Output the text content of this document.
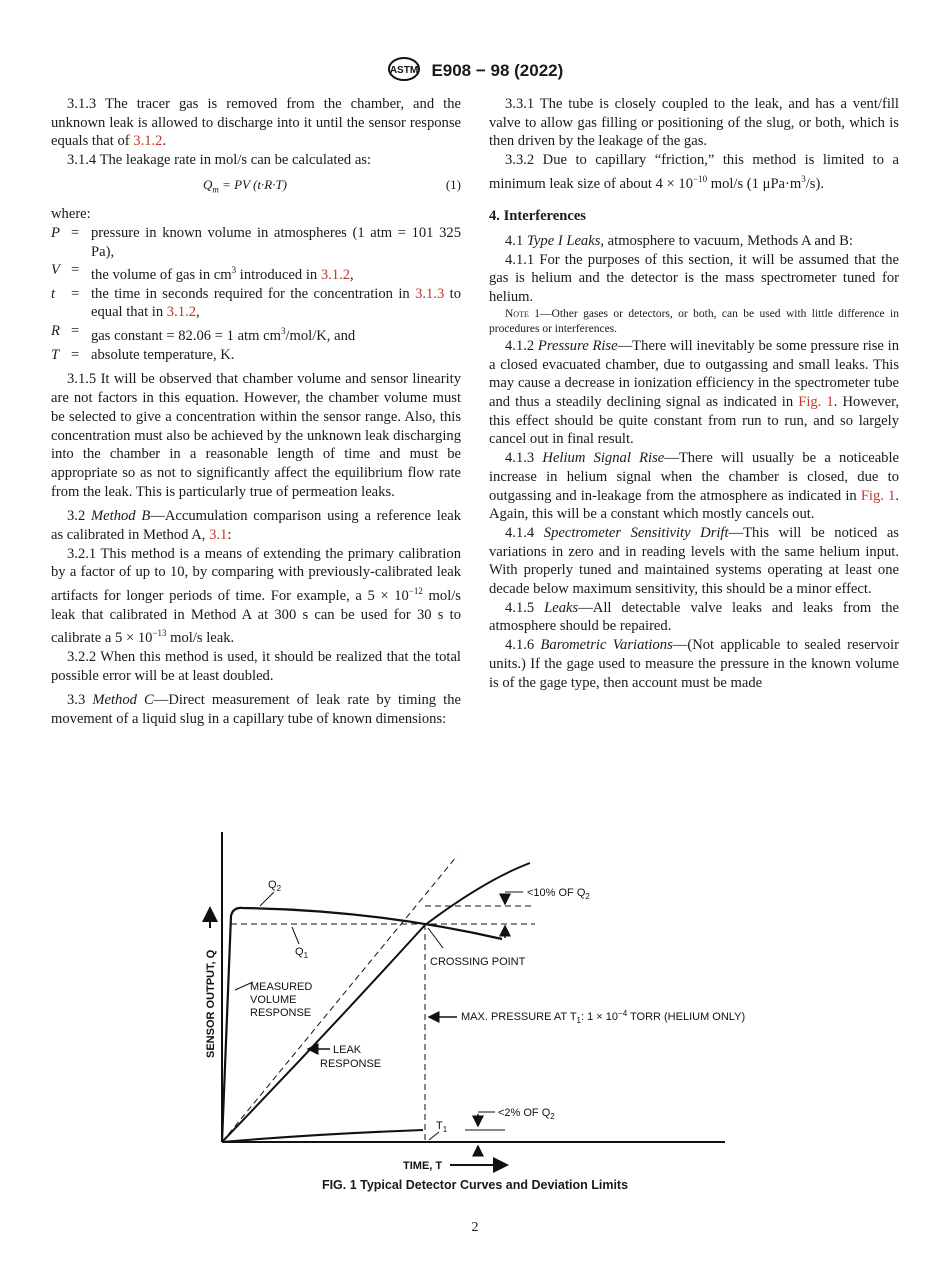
ASTM E908 − 98 (2022)

3.1.3 The tracer gas is removed from the chamber, and the unknown leak is allowed to discharge into it until the sensor response equals that of 3.1.2.

3.1.4 The leakage rate in mol/s can be calculated as:

$Q_m$ = PV (t·R·T)	(1)

where:

P = pressure in known volume in atmospheres (1 atm = 101 325 Pa),
V = the volume of gas in $cm^3$ introduced in 3.1.2,
t	= the time in seconds required for the concentration in 3.1.3 to equal that in 3.1.2,
R = gas constant = 82.06 = 1 atm $cm^3/mol/K$, and
T = absolute temperature, K.

3.1.5 It will be observed that chamber volume and sensor linearity are not factors in this equation. However, the chamber volume must be selected to give a concentration within the sensor range. Also, this concentration must also be achieved by the unknown leak discharging into the chamber in a reasonable length of time and must be appropriate so as not to significantly affect the equilibrium flow rate from the leak. This is particularly true of permeation leaks.

3.2 Method B—Accumulation comparison using a reference leak as calibrated in Method A, 3.1:

3.2.1 This method is a means of extending the primary calibration by a factor of up to 10, by comparing with previously-calibrated leak artifacts for longer periods of time. For example, a $5 \times 10^{-12}$ mol/s leak that calibrated in Method A at 300 s can be used for 30 s to calibrate a $5 \times 10^{-13}$ mol/s leak.

3.2.2 When this method is used, it should be realized that the total possible error will be at least doubled.

3.3 Method C—Direct measurement of leak rate by timing the movement of a liquid slug in a capillary tube of known dimensions:

3.3.1 The tube is closely coupled to the leak, and has a vent/fill valve to allow gas filling or positioning of the slug, or both, which is then driven by the leakage of the gas.

3.3.2 Due to capillary “friction,” this method is limited to a minimum leak size of about $4 \times 10^{-10}$ mol/s (1 $\mu Pa\cdot m^3/s$).

4. Interferences

4.1 Type I Leaks, atmosphere to vacuum, Methods A and B:

4.1.1 For the purposes of this section, it will be assumed that the gas is helium and the detector is the mass spectrometer tuned for helium.

Note 1—Other gases or detectors, or both, can be used with little difference in procedures or interferences.

4.1.2 Pressure Rise—There will inevitably be some pressure rise in a closed evacuated chamber, due to outgassing and small leaks. This may cause a decrease in ionization efficiency in the spectrometer tube and thus a steadily declining signal as indicated in Fig. 1. However, this effect should be quite constant from run to run, and so largely cancel out in final result.

4.1.3 Helium Signal Rise—There will usually be a noticeable increase in helium signal when the chamber is closed, due to outgassing and in-leakage from the atmosphere as indicated in Fig. 1. Again, this will be a constant which mostly cancels out.

4.1.4 Spectrometer Sensitivity Drift—This will be noticed as variations in zero and in reading levels with the same helium input. With properly tuned and maintained systems operating at least one decade below maximum sensitivity, this should be a minor effect.

4.1.5 Leaks—All detectable valve leaks and leaks from the atmosphere should be repaired.

4.1.6 Barometric Variations—(Not applicable to sealed reservoir units.) If the gage used to measure the pressure in the known volume is of the gage type, then account must be made

SENSOR OUTPUT, Q
TIME, T
$Q_2$
$Q_1$
<10% OF $Q_2$
CROSSING POINT
MEASURED VOLUME RESPONSE
LEAK RESPONSE
MAX. PRESSURE AT $T_1$: $1 \times 10^{-4}$ TORR (HELIUM ONLY)
<2% OF $Q_2$
$T_1$
FIG. 1 Typical Detector Curves and Deviation Limits
2
